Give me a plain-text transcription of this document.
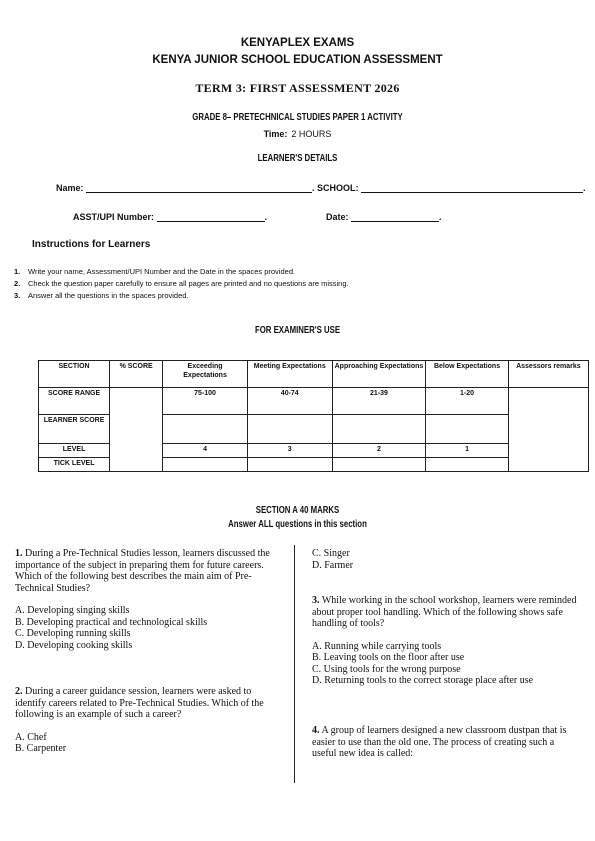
KENYAPLEX EXAMS
KENYA JUNIOR SCHOOL EDUCATION ASSESSMENT
TERM 3: FIRST ASSESSMENT 2026
GRADE 8– PRETECHNICAL STUDIES PAPER 1 ACTIVITY
Time: 2 HOURS
LEARNER'S DETAILS
Name:	. SCHOOL:	.
ASST/UPI Number:	.	Date:	.
Instructions for Learners
1. Write your name, Assessment/UPI Number and the Date in the spaces provided.
2. Check the question paper carefully to ensure all pages are printed and no questions are missing.
3. Answer all the questions in the spaces provided.
FOR EXAMINER'S USE
SECTION	% SCORE	Exceeding Expectations	Meeting Expectations	Approaching Expectations	Below Expectations	Assessors remarks
SCORE RANGE		75-100	40-74	21-39	1-20	
LEARNER SCORE						
LEVEL		4	3	2	1	
TICK LEVEL						
SECTION A 40 MARKS
Answer ALL questions in this section

1. During a Pre-Technical Studies lesson, learners discussed the importance of the subject in preparing them for future careers. Which of the following best describes the main aim of Pre-Technical Studies?

A. Developing singing skills

B. Developing practical and technological skills

C. Developing running skills

D. Developing cooking skills

2. During a career guidance session, learners were asked to identify careers related to Pre-Technical Studies. Which of the following is an example of such a career?

A. Chef

B. Carpenter

C. Singer

D. Farmer

3. While working in the school workshop, learners were reminded about proper tool handling. Which of the following shows safe handling of tools?

A. Running while carrying tools

B. Leaving tools on the floor after use

C. Using tools for the wrong purpose

D. Returning tools to the correct storage place after use

4. A group of learners designed a new classroom dustpan that is easier to use than the old one. The process of creating such a useful new idea is called:
